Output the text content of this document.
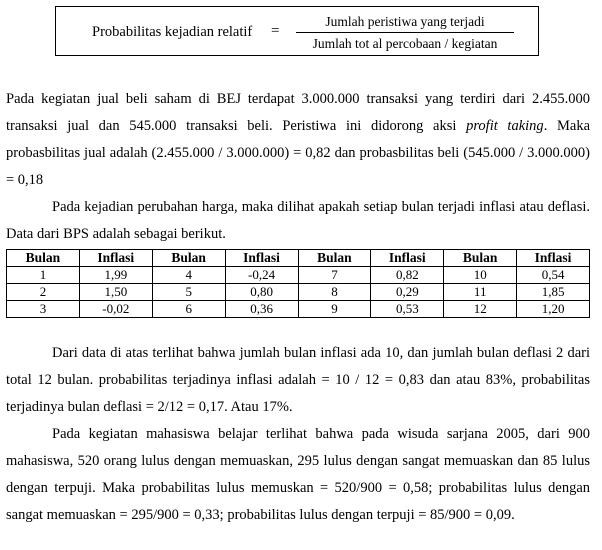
Probabilitas kejadian relatif =
Jumlah peristiwa yang terjadi
Jumlah tot al percobaan / kegiatan

Pada kegiatan jual beli saham di BEJ terdapat 3.000.000 transaksi yang terdiri dari 2.455.000 transaksi jual dan 545.000 transaksi beli. Peristiwa ini didorong aksi profit taking. Maka probasbilitas jual adalah (2.455.000 / 3.000.000) = 0,82 dan probasbilitas beli (545.000 / 3.000.000) = 0,18

Pada kejadian perubahan harga, maka dilihat apakah setiap bulan terjadi inflasi atau deflasi. Data dari BPS adalah sebagai berikut.

Bulan	Inflasi	Bulan	Inflasi	Bulan	Inflasi	Bulan	Inflasi
1	1,99	4	-0,24	7	0,82	10	0,54
2	1,50	5	0,80	8	0,29	11	1,85
3	-0,02	6	0,36	9	0,53	12	1,20

Dari data di atas terlihat bahwa jumlah bulan inflasi ada 10, dan jumlah bulan deflasi 2 dari total 12 bulan. probabilitas terjadinya inflasi adalah = 10 / 12 = 0,83 dan atau 83%, probabilitas terjadinya bulan deflasi = 2/12 = 0,17. Atau 17%.

Pada kegiatan mahasiswa belajar terlihat bahwa pada wisuda sarjana 2005, dari 900 mahasiswa, 520 orang lulus dengan memuaskan, 295 lulus dengan sangat memuaskan dan 85 lulus dengan terpuji. Maka probabilitas lulus memuskan = 520/900 = 0,58; probabilitas lulus dengan sangat memuaskan = 295/900 = 0,33; probabilitas lulus dengan terpuji = 85/900 = 0,09.
